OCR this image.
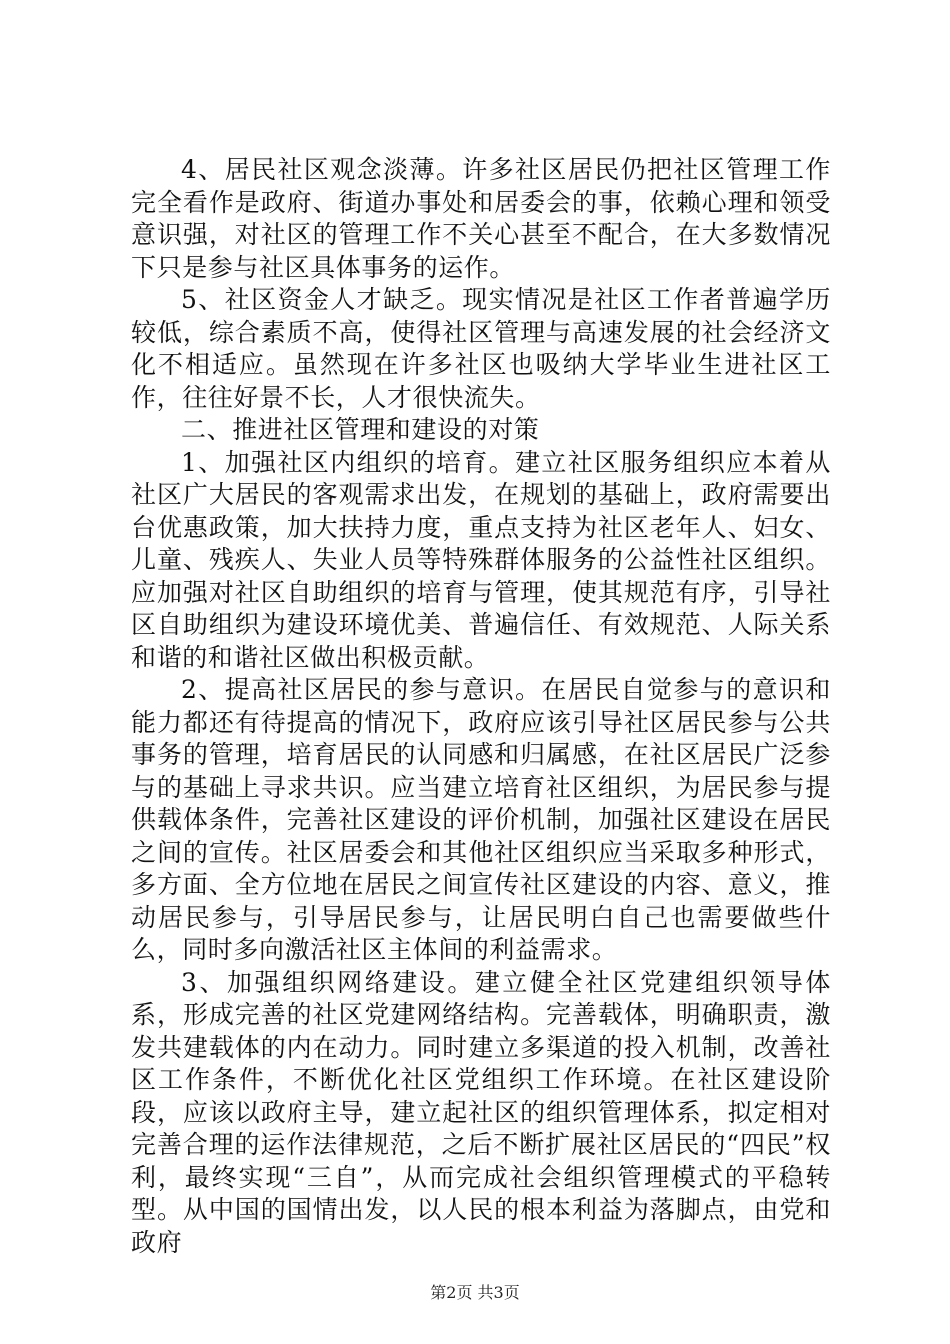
4、居民社区观念淡薄。许多社区居民仍把社区管理工作完全看作是政府、街道办事处和居委会的事，依赖心理和领受意识强，对社区的管理工作不关心甚至不配合，在大多数情况下只是参与社区具体事务的运作。

5、社区资金人才缺乏。现实情况是社区工作者普遍学历较低，综合素质不高，使得社区管理与高速发展的社会经济文化不相适应。虽然现在许多社区也吸纳大学毕业生进社区工作，往往好景不长，人才很快流失。

二、推进社区管理和建设的对策

1、加强社区内组织的培育。建立社区服务组织应本着从社区广大居民的客观需求出发，在规划的基础上，政府需要出台优惠政策，加大扶持力度，重点支持为社区老年人、妇女、儿童、残疾人、失业人员等特殊群体服务的公益性社区组织。应加强对社区自助组织的培育与管理，使其规范有序，引导社区自助组织为建设环境优美、普遍信任、有效规范、人际关系和谐的和谐社区做出积极贡献。

2、提高社区居民的参与意识。在居民自觉参与的意识和能力都还有待提高的情况下，政府应该引导社区居民参与公共事务的管理，培育居民的认同感和归属感，在社区居民广泛参与的基础上寻求共识。应当建立培育社区组织，为居民参与提供载体条件，完善社区建设的评价机制，加强社区建设在居民之间的宣传。社区居委会和其他社区组织应当采取多种形式，多方面、全方位地在居民之间宣传社区建设的内容、意义，推动居民参与，引导居民参与，让居民明白自己也需要做些什么，同时多向激活社区主体间的利益需求。

3、加强组织网络建设。建立健全社区党建组织领导体系，形成完善的社区党建网络结构。完善载体，明确职责，激发共建载体的内在动力。同时建立多渠道的投入机制，改善社区工作条件，不断优化社区党组织工作环境。在社区建设阶段，应该以政府主导，建立起社区的组织管理体系，拟定相对完善合理的运作法律规范，之后不断扩展社区居民的“四民”权利，最终实现“三自”，从而完成社会组织管理模式的平稳转型。从中国的国情出发，以人民的根本利益为落脚点，由党和政府

第2页 共3页
